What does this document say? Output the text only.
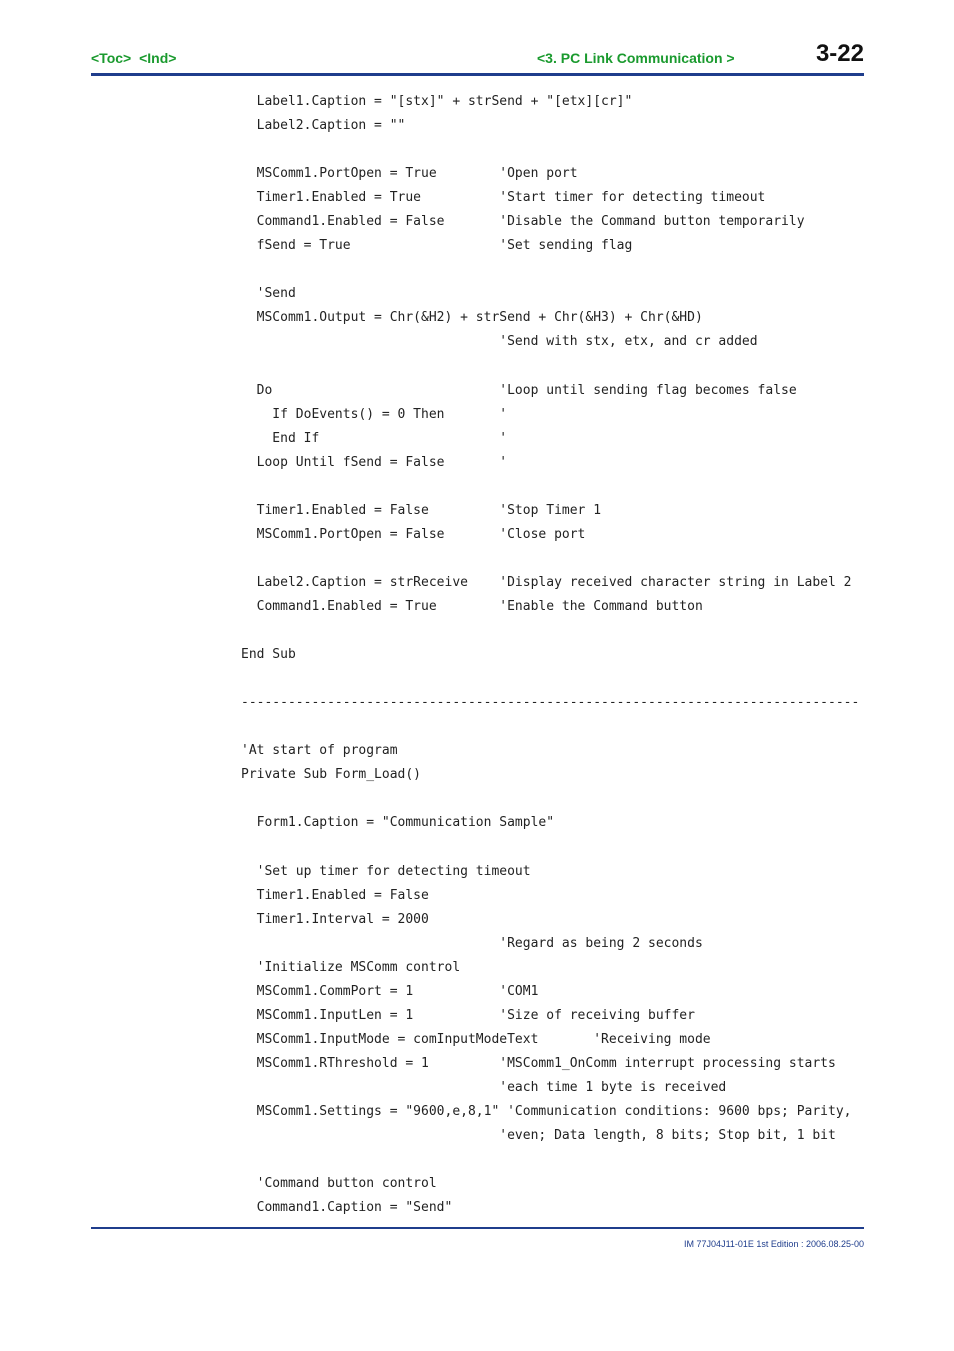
<Toc> <Ind>	<3. PC Link Communication >	3-22
Label1.Caption = "[stx]" + strSend + "[etx][cr]"
Label2.Caption = ""
MSComm1.PortOpen = True        'Open port
Timer1.Enabled = True          'Start timer for detecting timeout
Command1.Enabled = False       'Disable the Command button temporarily
fSend = True                   'Set sending flag
'Send
MSComm1.Output = Chr(&H2) + strSend + Chr(&H3) + Chr(&HD)
'Send with stx, etx, and cr added
Do                             'Loop until sending flag becomes false
If DoEvents() = 0 Then       '
End If                       '
Loop Until fSend = False       '
Timer1.Enabled = False         'Stop Timer 1
MSComm1.PortOpen = False       'Close port
Label2.Caption = strReceive    'Display received character string in Label 2
Command1.Enabled = True        'Enable the Command button
End Sub
-------------------------------------------------------------------------------
'At start of program
Private Sub Form_Load()
Form1.Caption = "Communication Sample"
'Set up timer for detecting timeout
Timer1.Enabled = False
Timer1.Interval = 2000
'Regard as being 2 seconds
'Initialize MSComm control
MSComm1.CommPort = 1           'COM1
MSComm1.InputLen = 1           'Size of receiving buffer
MSComm1.InputMode = comInputModeText       'Receiving mode
MSComm1.RThreshold = 1         'MSComm1_OnComm interrupt processing starts
'each time 1 byte is received
MSComm1.Settings = "9600,e,8,1" 'Communication conditions: 9600 bps; Parity,
'even; Data length, 8 bits; Stop bit, 1 bit
'Command button control
Command1.Caption = "Send"
IM 77J04J11-01E 1st Edition : 2006.08.25-00
